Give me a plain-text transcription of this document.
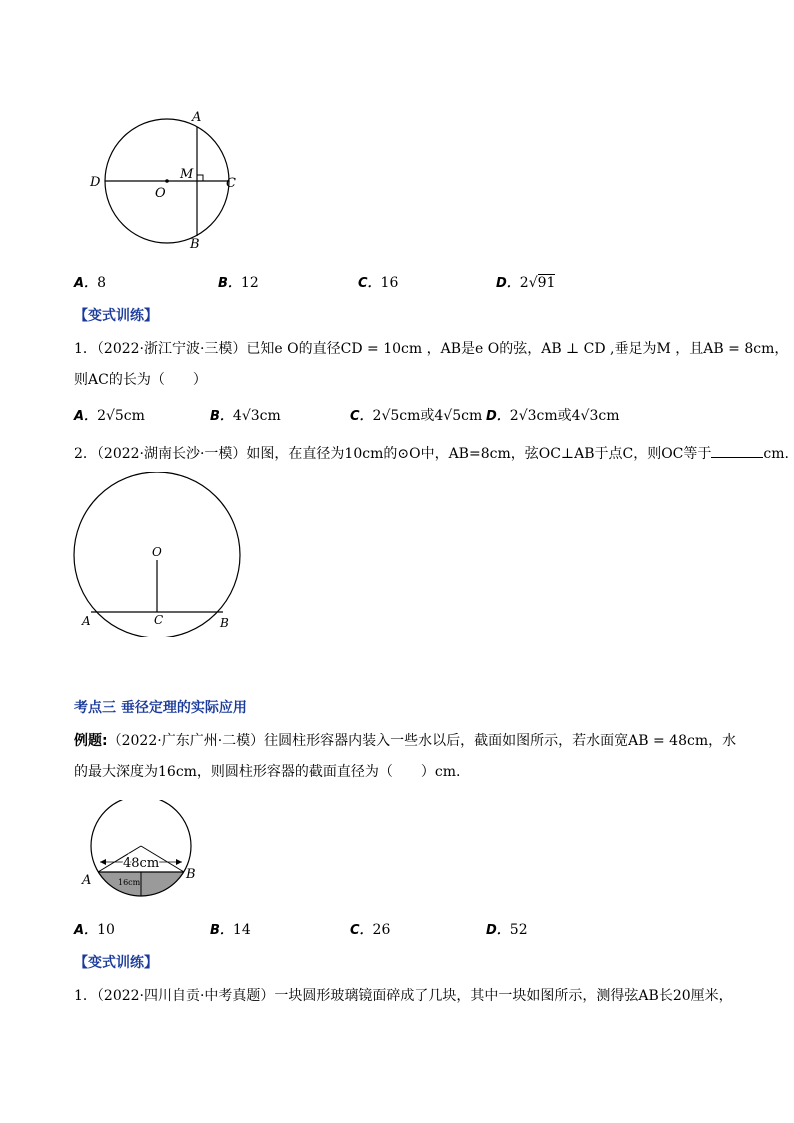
A
B
C
D
O
M
A．8	B．12	C．16	D．2√91
【变式训练】
1．（2022·浙江宁波·三模）已知e O的直径CD = 10cm ，AB是e O的弦，AB ⊥ CD ,垂足为M ，且AB = 8cm，
则AC的长为（　　）
A．2√5cm	B．4√3cm	C．2√5cm或4√5cm D．2√3cm或4√3cm
2．（2022·湖南长沙·一模）如图，在直径为10cm的⊙O中，AB=8cm，弦OC⊥AB于点C，则OC等于	cm.
O
A	B
C
考点三 垂径定理的实际应用
例题:（2022·广东广州·二模）往圆柱形容器内装入一些水以后，截面如图所示，若水面宽AB = 48cm，水
的最大深度为16cm，则圆柱形容器的截面直径为（　　）cm.
48cm
16cm
A	B
A．10	B．14	C．26	D．52
【变式训练】
1．（2022·四川自贡·中考真题）一块圆形玻璃镜面碎成了几块，其中一块如图所示，测得弦AB长20厘米，
